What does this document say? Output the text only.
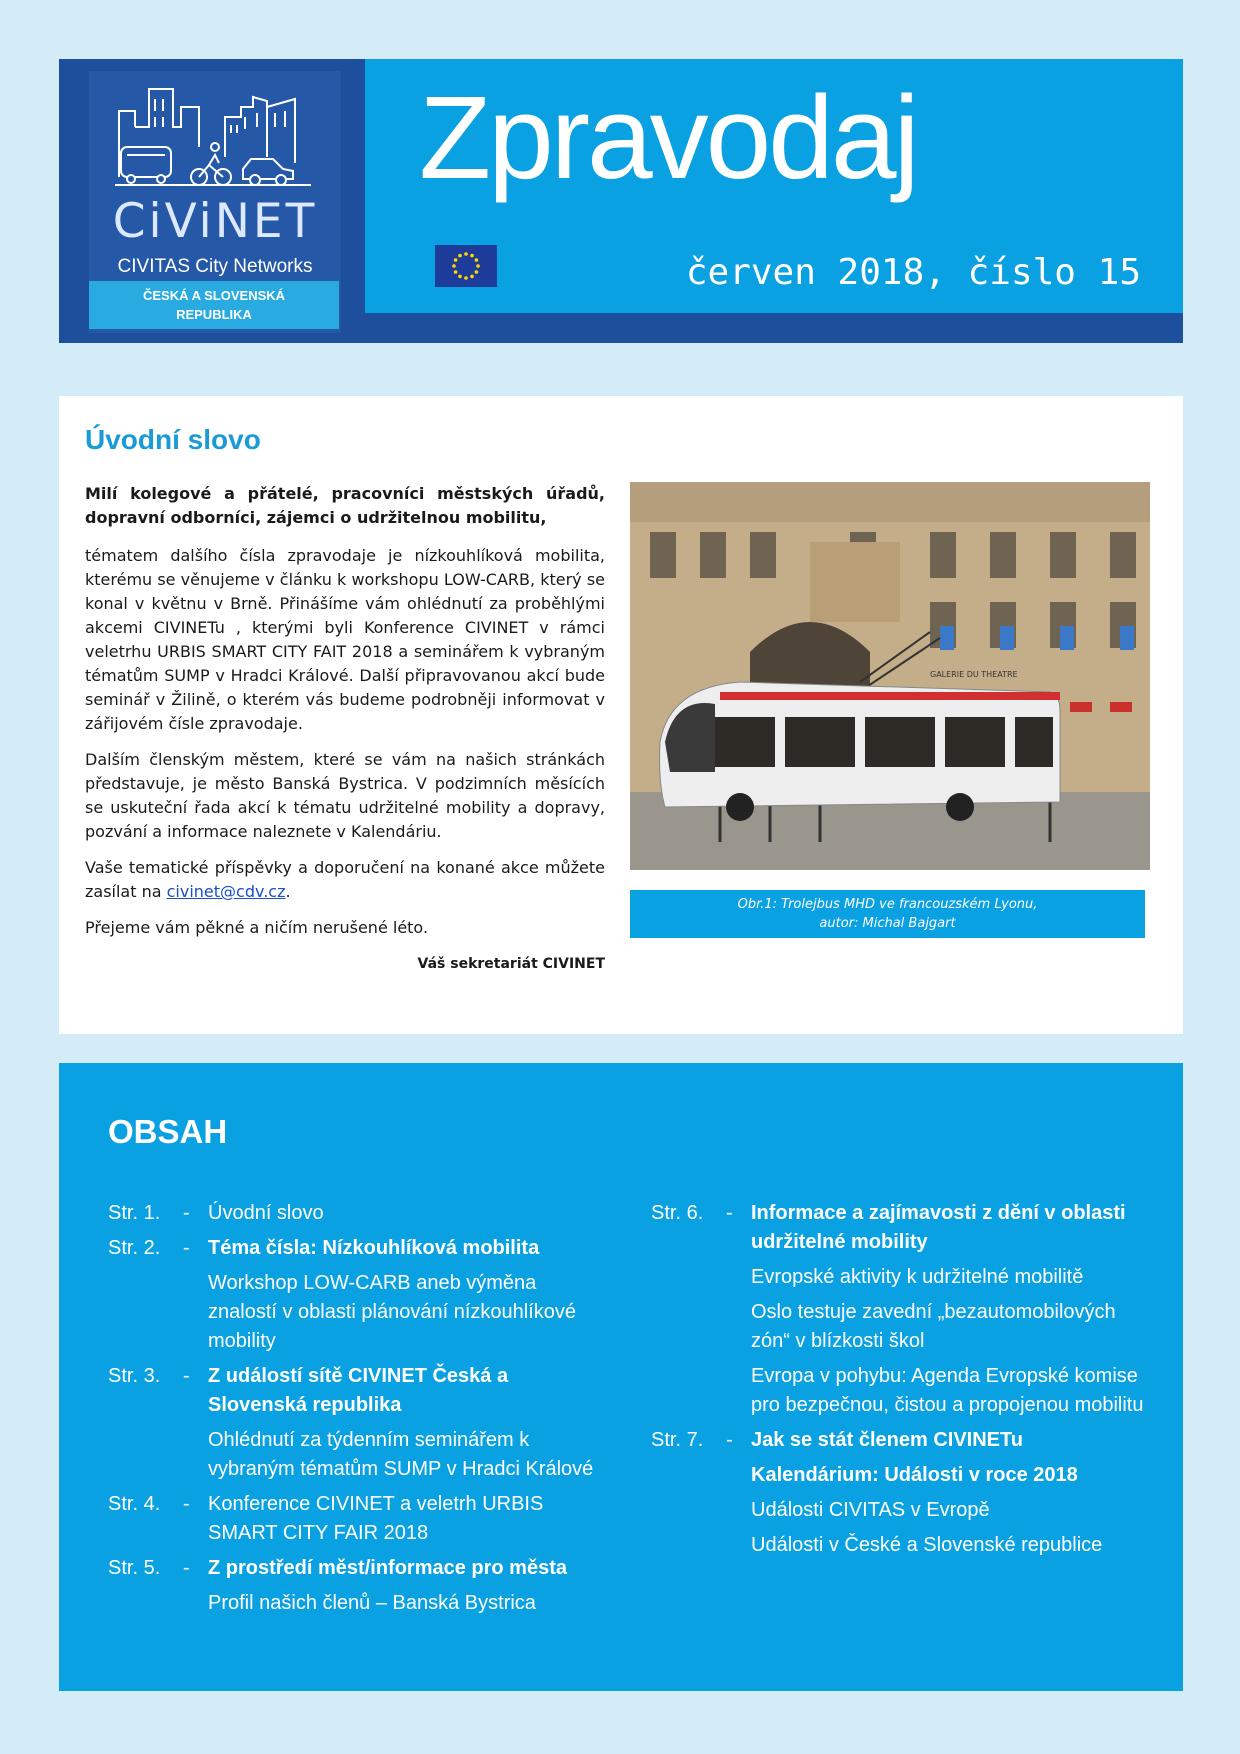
CiViNET
CIVITAS City Networks
ČESKÁ A SLOVENSKÁ
REPUBLIKA
Zpravodaj
červen 2018, číslo 15
Úvodní slovo

Milí kolegové a přátelé, pracovníci městských úřadů, dopravní odborníci, zájemci o udržitelnou mobilitu,

tématem dalšího čísla zpravodaje je nízkouhlíková mobilita, kterému se věnujeme v článku k workshopu LOW-CARB, který se konal v květnu v Brně. Přinášíme vám ohlédnutí za proběhlými akcemi CIVINETu , kterými byli Konference CIVINET v rámci veletrhu URBIS SMART CITY FAIT 2018 a seminářem k vybraným tématům SUMP v Hradci Králové. Další připravovanou akcí bude seminář v Žilině, o kterém vás budeme podrobněji informovat v zářijovém čísle zpravodaje.

Dalším členským městem, které se vám na našich stránkách představuje, je město Banská Bystrica. V podzimních měsících se uskuteční řada akcí k tématu udržitelné mobility a dopravy, pozvání a informace naleznete v Kalendáriu.

Vaše tematické příspěvky a doporučení na konané akce můžete zasílat na civinet@cdv.cz.

Přejeme vám pěkné a ničím nerušené léto.

Váš sekretariát CIVINET

GALERIE DU THEATRE
Obr.1: Trolejbus MHD ve francouzském Lyonu,
autor: Michal Bajgart
OBSAH
Str. 1.	- Úvodní slovo
Str. 2.	- Téma čísla: Nízkouhlíková mobilita
Workshop LOW-CARB aneb výměna znalostí v oblasti plánování nízkouhlíkové mobility
Str. 3.	- Z událostí sítě CIVINET Česká a Slovenská republika
Ohlédnutí za týdenním seminářem k vybraným tématům SUMP v Hradci Králové
Str. 4.	- Konference CIVINET a veletrh URBIS SMART CITY FAIR 2018
Str. 5.	- Z prostředí měst/informace pro města
Profil našich členů – Banská Bystrica
Str. 6.	- Informace a zajímavosti z dění v oblasti udržitelné mobility
Evropské aktivity k udržitelné mobilitě
Oslo testuje zavední „bezautomobilových zón“ v blízkosti škol
Evropa v pohybu: Agenda Evropské komise pro bezpečnou, čistou a propojenou mobilitu
Str. 7.	- Jak se stát členem CIVINETu
Kalendárium: Události v roce 2018
Události CIVITAS v Evropě
Události v České a Slovenské republice
